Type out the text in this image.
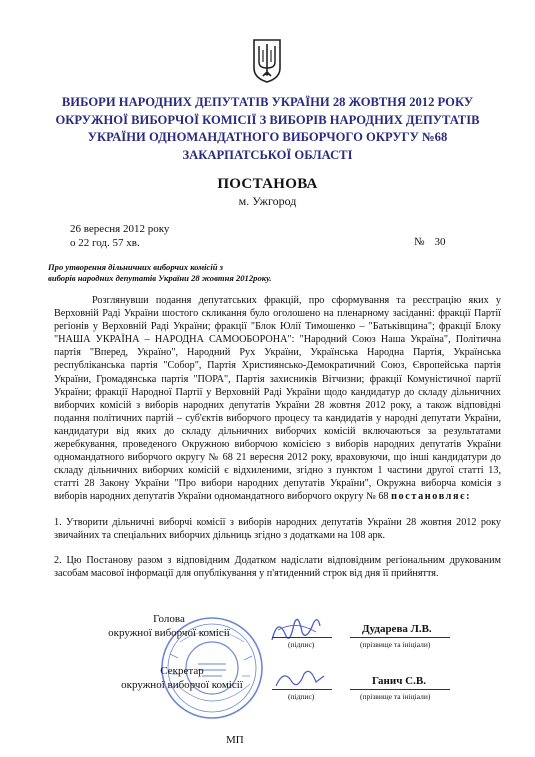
ВИБОРИ НАРОДНИХ ДЕПУТАТІВ УКРАЇНИ 28 ЖОВТНЯ 2012 РОКУ
ОКРУЖНОЇ ВИБОРЧОЇ КОМІСІЇ З ВИБОРІВ НАРОДНИХ ДЕПУТАТІВ
УКРАЇНИ ОДНОМАНДАТНОГО ВИБОРЧОГО ОКРУГУ №68
ЗАКАРПАТСЬКОЇ ОБЛАСТІ
ПОСТАНОВА
м. Ужгород
26 вересня 2012 року
о 22 год. 57 хв.	№ 30
Про утворення дільничних виборчих комісій з
виборів народних депутатів України 28 жовтня 2012року.

Розглянувши подання депутатських фракцій, про сформування та реєстрацію яких у Верховній Раді України шостого скликання було оголошено на пленарному засіданні: фракції Партії регіонів у Верховній Раді України; фракції "Блок Юлії Тимошенко – "Батьківщина"; фракції Блоку "НАША УКРАЇНА – НАРОДНА САМООБОРОНА": "Народний Союз Наша Україна", Політична партія "Вперед, Україно", Народний Рух України, Українська Народна Партія, Українська республіканська партія "Собор", Партія Християнсько-Демократичний Союз, Європейська партія України, Громадянська партія "ПОРА", Партія захисників Вітчизни; фракції Комуністичної партії України; фракції Народної Партії у Верховній Раді України щодо кандидатур до складу дільничних виборчих комісій з виборів народних депутатів України 28 жовтня 2012 року, а також відповідні подання політичних партій – суб'єктів виборчого процесу та кандидатів у народні депутати України, кандидатури від яких до складу дільничних виборчих комісій включаються за результатами жеребкування, проведеного Окружною виборчою комісією з виборів народних депутатів України одномандатного виборчого округу № 68 21 вересня 2012 року, враховуючи, що інші кандидатури до складу дільничних виборчих комісій є відхиленими, згідно з пунктом 1 частини другої статті 13, статті 28 Закону України "Про вибори народних депутатів України", Окружна виборча комісія з виборів народних депутатів України одномандатного виборчого округу № 68 постановляє:

1. Утворити дільничні виборчі комісії з виборів народних депутатів України 28 жовтня 2012 року звичайних та спеціальних виборчих дільниць згідно з додатками на 108 арк.

2. Цю Постанову разом з відповідним Додатком надіслати відповідним регіональним друкованим засобам масової інформації для опублікування у п'ятиденний строк від дня її прийняття.

Голова
окружної виборчої комісії
(підпис)
Дударева Л.В.
(прізвище та ініціали)
Секретар
окружної виборчої комісії
(підпис)
Ганич С.В.
(прізвище та ініціали)
МП
